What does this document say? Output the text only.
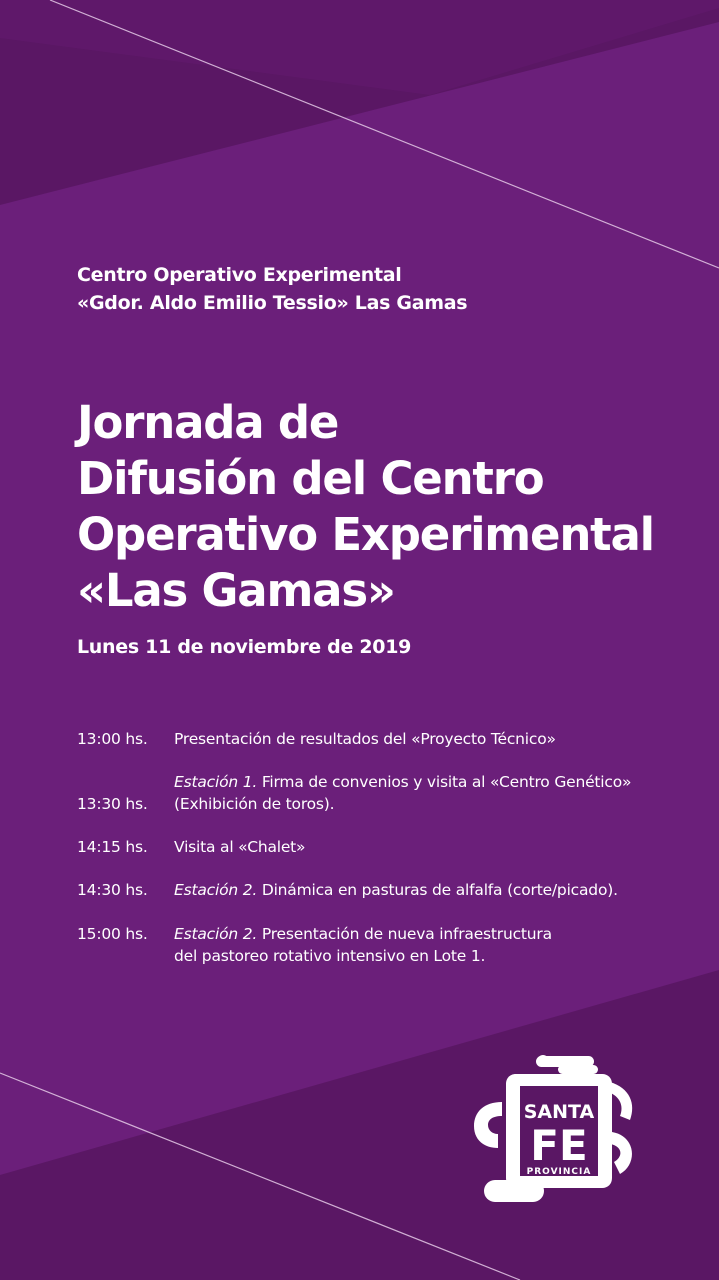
Centro Operativo Experimental
«Gdor. Aldo Emilio Tessio» Las Gamas
Jornada de
Difusión del Centro
Operativo Experimental
«Las Gamas»
Lunes 11 de noviembre de 2019
13:00 hs. Presentación de resultados del «Proyecto Técnico»
13:30 hs.
Estación 1. Firma de convenios y visita al «Centro Genético»
(Exhibición de toros).
14:15 hs. Visita al «Chalet»
14:30 hs. Estación 2. Dinámica en pasturas de alfalfa (corte/picado).
15:00 hs. Estación 2. Presentación de nueva infraestructura
del pastoreo rotativo intensivo en Lote 1.
SANTA
FE
PROVINCIA
